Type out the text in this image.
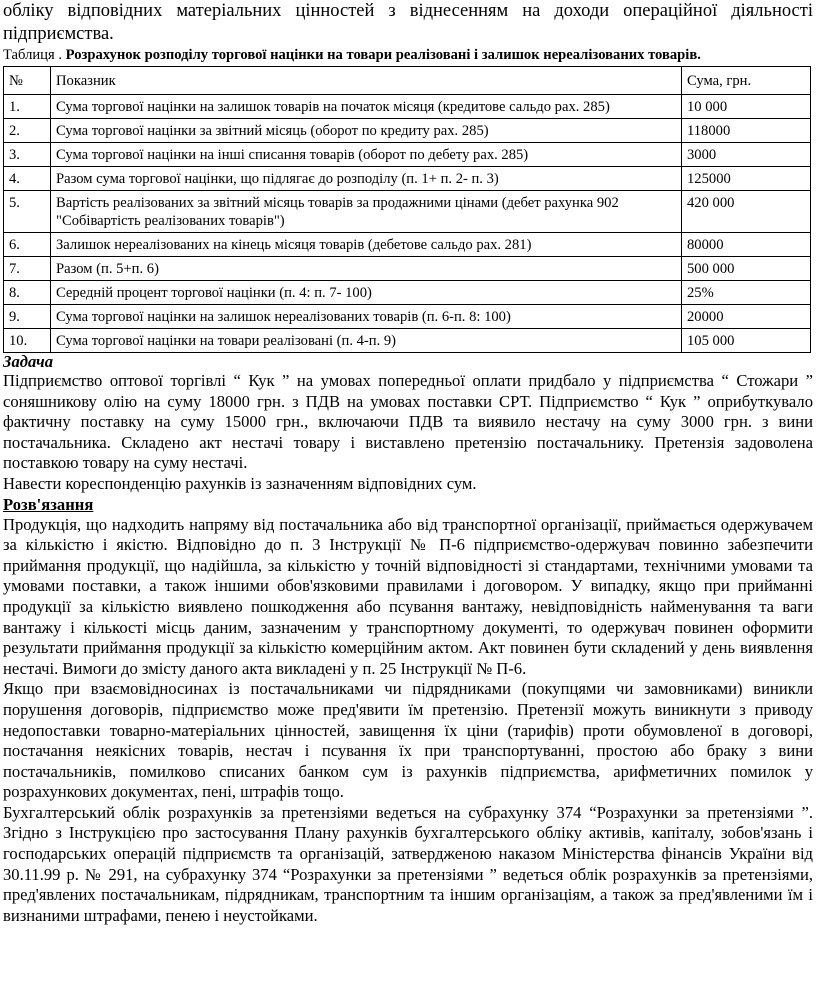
обліку відповідних матеріальних цінностей з віднесенням на доходи операційної діяльності підприємства.

Таблиця . Розрахунок розподілу торгової націнки на товари реалізовані і залишок нереалізованих товарів.

№	Показник	Сума, грн.
1.	Сума торгової націнки на залишок товарів на початок місяця (кредитове сальдо рах. 285)	10 000
2.	Сума торгової націнки за звітний місяць (оборот по кредиту рах. 285)	118000
3.	Сума торгової націнки на інші списання товарів (оборот по дебету рах. 285)	3000
4.	Разом сума торгової націнки, що підлягає до розподілу (п. 1+ п. 2- п. 3)	125000
5.	Вартість реалізованих за звітний місяць товарів за продажними цінами (дебет рахунка 902 "Собівартість реалізованих товарів")	420 000
6.	Залишок нереалізованих на кінець місяця товарів (дебетове сальдо рах. 281)	80000
7.	Разом (п. 5+п. 6)	500 000
8.	Середній процент торгової націнки (п. 4: п. 7- 100)	25%
9.	Сума торгової націнки на залишок нереалізованих товарів (п. 6-п. 8: 100)	20000
10.	Сума торгової націнки на товари реалізовані (п. 4-п. 9)	105 000

Задача

Підприємство оптової торгівлі “ Кук ” на умовах попередньої оплати придбало у підприємства “ Стожари ” соняшникову олію на суму 18000 грн. з ПДВ на умовах поставки СРТ. Підприємство “ Кук ” оприбуткувало фактичну поставку на суму 15000 грн., включаючи ПДВ та виявило нестачу на суму 3000 грн. з вини постачальника. Складено акт нестачі товару і виставлено претензію постачальнику. Претензія задоволена поставкою товару на суму нестачі.

Навести кореспонденцію рахунків із зазначенням відповідних сум.

Розв'язання

Продукція, що надходить напряму від постачальника або від транспортної організації, приймається одержувачем за кількістю і якістю. Відповідно до п. 3 Інструкції № П-6 підприємство-одержувач повинно забезпечити приймання продукції, що надійшла, за кількістю у точній відповідності зі стандартами, технічними умовами та умовами поставки, а також іншими обов'язковими правилами і договором. У випадку, якщо при прийманні продукції за кількістю виявлено пошкодження або псування вантажу, невідповідність найменування та ваги вантажу і кількості місць даним, зазначеним у транспортному документі, то одержувач повинен оформити результати приймання продукції за кількістю комерційним актом. Акт повинен бути складений у день виявлення нестачі. Вимоги до змісту даного акта викладені у п. 25 Інструкції № П-6.

Якщо при взаємовідносинах із постачальниками чи підрядниками (покупцями чи замовниками) виникли порушення договорів, підприємство може пред'явити їм претензію. Претензії можуть виникнути з приводу недопоставки товарно-матеріальних цінностей, завищення їх ціни (тарифів) проти обумовленої в договорі, постачання неякісних товарів, нестач і псування їх при транспортуванні, простою або браку з вини постачальників, помилково списаних банком сум із рахунків підприємства, арифметичних помилок у розрахункових документах, пені, штрафів тощо.

Бухгалтерський облік розрахунків за претензіями ведеться на субрахунку 374 “Розрахунки за претензіями ”. Згідно з Інструкцією про застосування Плану рахунків бухгалтерського обліку активів, капіталу, зобов'язань і господарських операцій підприємств та організацій, затвердженою наказом Міністерства фінансів України від 30.11.99 р. № 291, на субрахунку 374 “Розрахунки за претензіями ” ведеться облік розрахунків за претензіями, пред'явлених постачальникам, підрядникам, транспортним та іншим організаціям, а також за пред'явленими їм і визнаними штрафами, пенею і неустойками.
